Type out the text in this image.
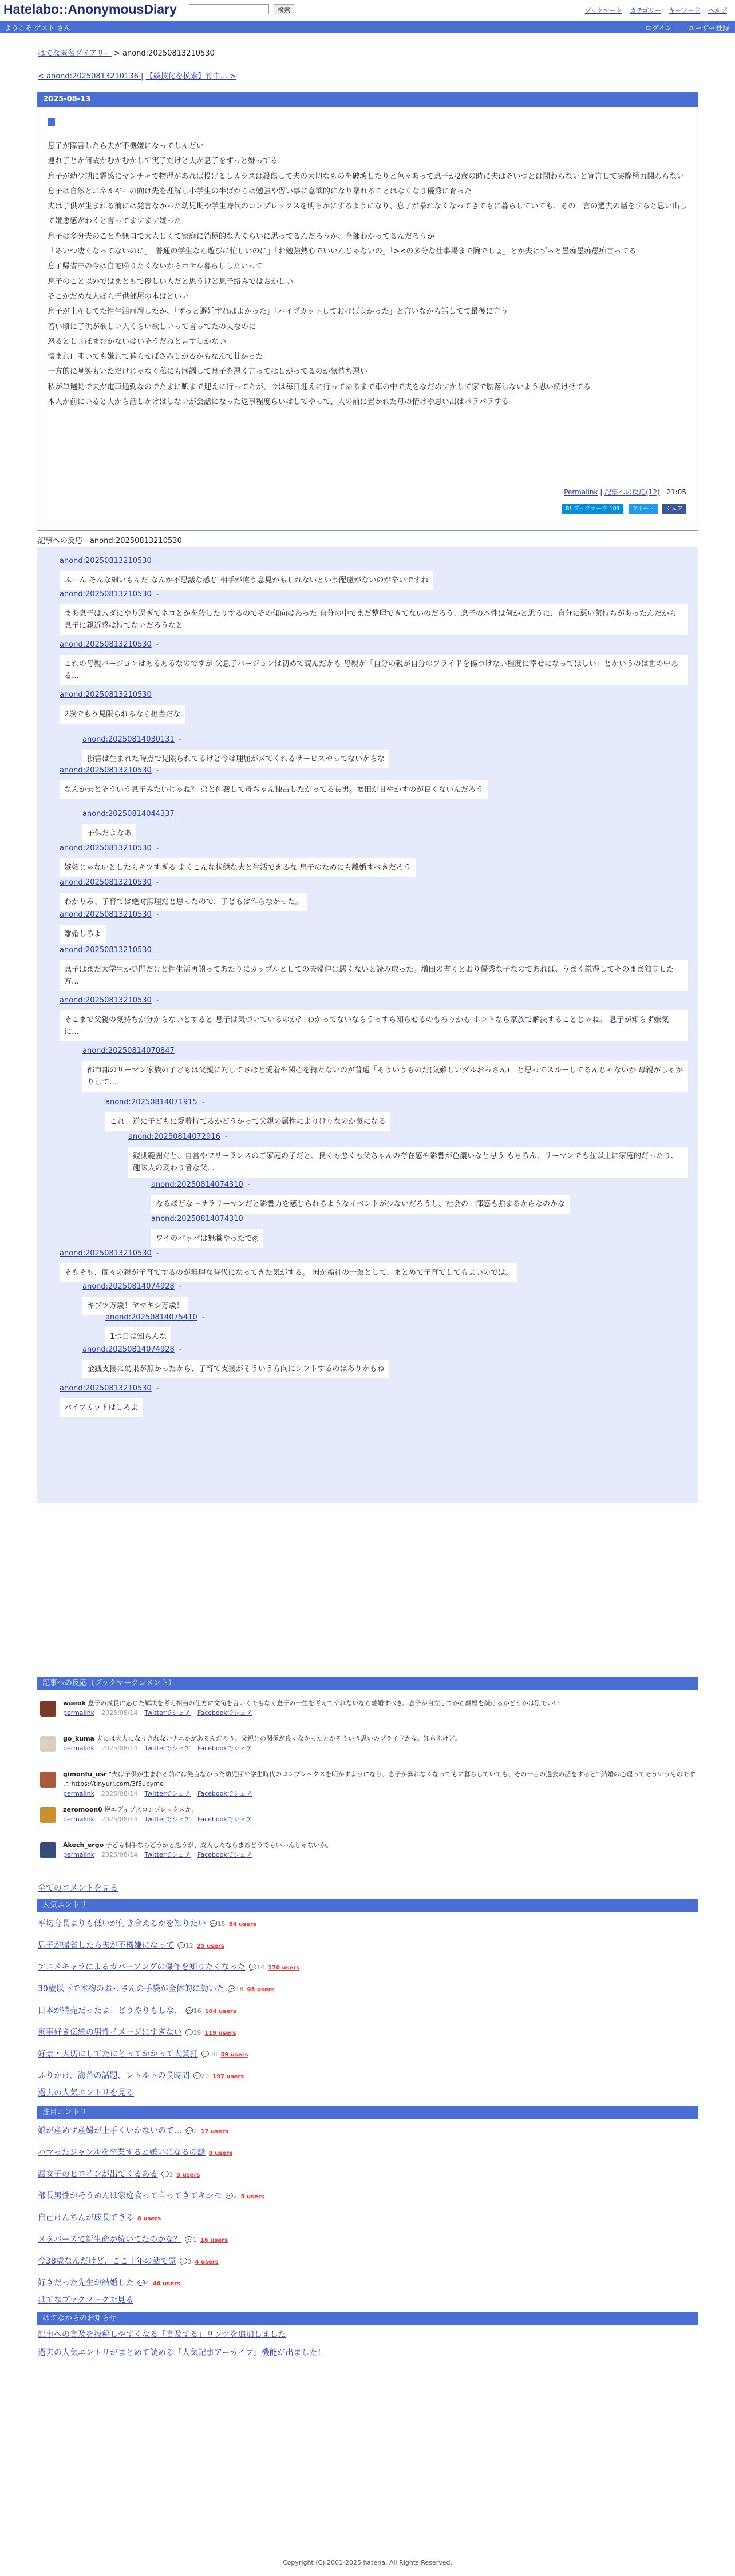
Hatelabo::AnonymousDiary	検索	ブックマーク カテゴリー キーワード ヘルプ
ようこそ ゲスト さん	ログイン ユーザー登録
はてな匿名ダイアリー > anond:20250813210530
< anond:20250813210136 | 【競技化を模索】竹中… >
2025-08-13
息子が障害したら夫が不機嫌になってしんどい
連れ子とか何故かむかむかして実子だけど夫が息子をずっと嫌ってる
息子が幼少期に霊感にヤンチャで物理があれば投げるしカラスは殺傷して夫の大切なものを破壊したりと色々あって息子が2歳の時に夫はそいつとは関わらないと宣言して実際極力関わらない
息子は自然とエネルギーの向け先を理解し小学生の半ばからは勉強や習い事に意欲的になり暴れることはなくなり優秀に育った
夫は子供が生まれる前には発言なかった幼児期や学生時代のコンプレックスを明らかにするようになり、息子が暴れなくなってきてもに暮らしていても、その一言の過去の話をすると思い出して嫌悪感がわくと言ってますます嫌った
息子は多分夫のことを無口で大人しくて家庭に消極的な人ぐらいに思ってるんだろうか、全部わかってるんだろうか
「あいつ凄くなってないのに」「普通の学生なら遊びに忙しいのに」「お勉強熱心でいいんじゃないの」「><の多分な仕事場まで腕でしょ」とか夫はずっと愚痴愚痴愚痴言ってる
息子帰省中の今は自宅帰りたくないからホテル暮らししたいって
息子のこと以外ではまともで優しい人だと思うけど息子絡みではおかしい
そこがだめな人ほら子供部屋の本はどいい
息子が土産してた性生活両親したか、「ずっと避妊すればよかった」「パイプカットしておけばよかった」と言いなから話してて最後に言う
若い頃に子供が欲しい人くらい欲しいって言ってたの夫なのに
怒るとしょぼまむかないはいそうだねと言すしかない
懐まれ口叩いても嫌れて暮らせばさみしがるかもなんて甘かった
一方的に嘲笑もいただけじゃなく私にも同調して息子を悪く言ってはしがってるのが気持ち悪い
私が単週動で夫が電車通勤なのでたまに駅まで迎えに行ってたが、今は毎日迎えに行って帰るまで車の中で夫をなだめすかして家で腰落しないよう思い続けせてる
本人が前にいると夫から話しかけはしないが会話になった返事程度らいはしてやって、人の前に置かれた母の情けや思い出はパラパラする
Permalink | 記事への反応(12) | 21:05
B! ブックマーク 101 ツイート シェア
記事への反応 - anond:20250813210530
anond:20250813210530 -
ふーん そんな細いもんだ なんか不思議な感じ 相手が違う意見かもしれないという配慮がないのが辛いですね
anond:20250813210530 -
まあ息子はムダにやり過ぎてネコとかを殺したりするのでその傾向はあった 自分の中でまだ整理できてないのだろう、息子の本性は何かと思うに、自分に悪い気持ちがあったんだから息子に親近感は持てないだろうなと
anond:20250813210530 -
これの母親バージョンはあるあるなのですが 父息子バージョンは初めて読んだかも 母親が「自分の親が自分のプライドを傷つけない程度に幸せになってほしい」とかいうのは世の中ある…
anond:20250813210530 -
2歳でもう見限られるなら担当だな
anond:20250814030131 -
損害は生まれた時点で見限られてるけど今は理屈がメてくれるサービスやってないからな
anond:20250813210530 -
なんか夫とそういう息子みたいじゃね？ 弟と仲裁して母ちゃん独占したがってる長男。増田が甘やかすのが良くないんだろう
anond:20250814044337 -
子供だよなあ
anond:20250813210530 -
嫉妬じゃないとしたらキツすぎる よくこんな状態な夫と生活できるな 息子のためにも離婚すべきだろう
anond:20250813210530 -
わかりみ、子育ては絶対無理だと思ったので、子どもは作らなかった。
anond:20250813210530 -
離婚しろよ
anond:20250813210530 -
息子はまだ大学生か専門だけど性生活再開ってあたりにカップルとしての夫婦仲は悪くないと読み取った。増田の書くとおり優秀な子なのであれば、うまく説得してそのまま独立した方…
anond:20250813210530 -
そこまで父親の気持ちが分からないとすると 息子は気づいているのか？ わかってないならうっすら知らせるのもありかも ホントなら家族で解決することじゃね。 息子が知らず嫌気に…
anond:20250814070847 -
都市部のリーマン家族の子どもは父親に対してさほど愛着や関心を持たないのが普通「そういうものだ(気難しいダルおっさん)」と思ってスルーしてるんじゃないか 母親がしゃかりして…
anond:20250814071915 -
これ、逆に子どもに愛着持てるかどうかって父親の属性によりけりなのか気になる
anond:20250814072916 -
観測範囲だと、自営やフリーランスのご家庭の子だと、良くも悪くも父ちゃんの存在感や影響が色濃いなと思う もちろん、リーマンでも並以上に家庭的だったり、趣味人の変わり者な父…
anond:20250814074310 -
なるほどな〜サラリーマンだと影響力を感じられるようなイベントが少ないだろうし、社会の一部感も強まるからなのかな
anond:20250814074310 -
ワイのパッパは無職やったで◎
anond:20250813210530 -
そもそも、個々の親が子育てするのが無理な時代になってきた気がする。 国が福祉の一環として、まとめて子育てしてもよいのでは。
anond:20250814074928 -
キブツ万歳！ヤマギシ万歳！
anond:20250814075410 -
1つ目は知らんな
anond:20250814074928 -
金銭支援に効果が無かったから、子育て支援がそういう方向にシフトするのはありかもね
anond:20250813210530 -
パイプカットはしろよ
記事への反応（ブックマークコメント）
waeok 息子の成長に応じた解決を考え相当の仕方に文句を言いくでもなく息子の一生を考えてやれないなら離婚すべき。息子が自立してから離婚を続けるかどうかは別でいい
permalink 2025/08/14 Twitterでシェア Facebookでシェア
go_kuma 夫には大人になりきれないナニかがあるんだろう。父親との関係が良くなかったとかそういう思いのプライドかな。知らんけど。
permalink 2025/08/14 Twitterでシェア Facebookでシェア
gimonfu_usr "夫は子供が生まれる前には発言なかった幼児期や学生時代のコンプレックスを明かすようになり、息子が暴れなくなってもに暮らしていても、その一言の過去の話をすると" 結婚の心理ってそういうものですよ https://tinyurl.com/3f5ubyme
permalink 2025/08/14 Twitterでシェア Facebookでシェア
zeromoon0 逆エディプスコンプレックスか。
permalink 2025/08/14 Twitterでシェア Facebookでシェア
Akech_ergo 子ども相手ならどうかと思うが、成人したならまあどうでもいいんじゃないか。
permalink 2025/08/14 Twitterでシェア Facebookでシェア
全てのコメントを見る
人気エントリ
平均身長よりも低いが付き合えるかを知りたい 💬15 54 users
息子が帰省したら夫が不機嫌になって 💬12 25 users
アニメキャラによるカバーソングの傑作を知りたくなった 💬14 170 users
30歳以下で本物のおっさんの手袋が全体的に効いた 💬18 95 users
日本が特売だったよ！どうやりもしな、 💬16 104 users
家事好き伝統の男性イメージにすぎない 💬19 119 users
好景・大切にしてたにとってかかって大賛打 💬38 59 users
ふりかけ、海苔の話題、レトルトの長時間 💬20 197 users
過去の人気エントリを見る
注目エントリ
娘が産めず産婦が上手くいかないので… 💬2 17 users
ハマったジャンルを卒業すると嫌いになるの謎 9 users
腐女子のヒロインが出てくるある 💬1 5 users
部長男性がそうめんは家庭食って言ってきてキシモ 💬2 5 users
自己けんちんが成長できる 8 users
メタバースで新生命が続いてたのかな？ 💬1 16 users
今38歳なんだけど、ここ十年の話で気 💬3 4 users
好きだった先生が結婚した 💬4 46 users
はてなブックマークで見る
はてなからのお知らせ
記事への言及を投稿しやすくなる「言及する」リンクを追加しました
過去の人気エントリがまとめて読める「人気記事アーカイブ」機能が出ました！
Copyright (C) 2001-2025 hatena. All Rights Reserved.
